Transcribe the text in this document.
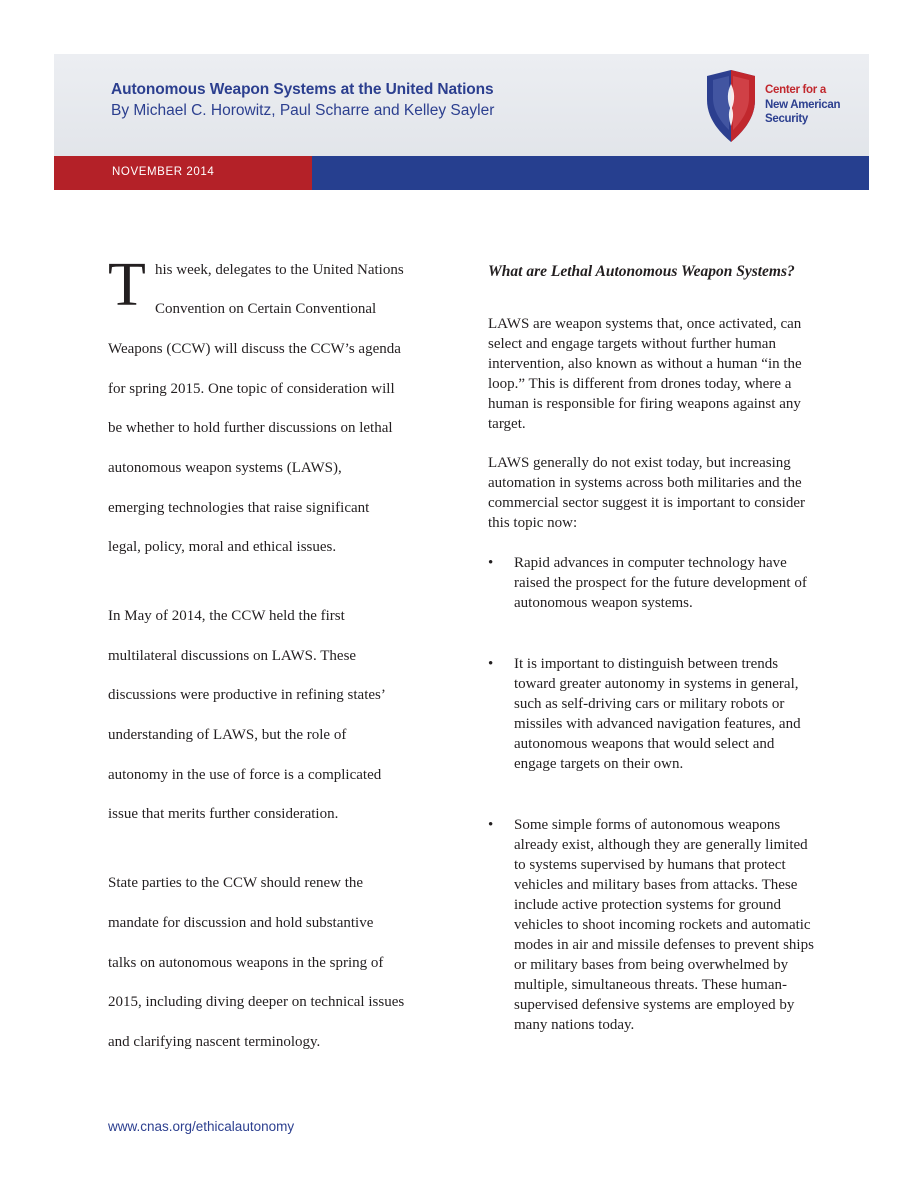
Autonomous Weapon Systems at the United Nations
By Michael C. Horowitz, Paul Scharre and Kelley Sayler
Center for a
New American
Security
NOVEMBER 2014
T his week, delegates to the United Nations
Convention on Certain Conventional
Weapons (CCW) will discuss the CCW’s agenda
for spring 2015. One topic of consideration will
be whether to hold further discussions on lethal
autonomous weapon systems (LAWS),
emerging technologies that raise significant
legal, policy, moral and ethical issues.
In May of 2014, the CCW held the first
multilateral discussions on LAWS. These
discussions were productive in refining states’
understanding of LAWS, but the role of
autonomy in the use of force is a complicated
issue that merits further consideration.
State parties to the CCW should renew the
mandate for discussion and hold substantive
talks on autonomous weapons in the spring of
2015, including diving deeper on technical issues
and clarifying nascent terminology.
What are Lethal Autonomous Weapon Systems?
LAWS are weapon systems that, once activated, can select and engage targets without further human intervention, also known as without a human “in the loop.” This is different from drones today, where a human is responsible for firing weapons against any target.
LAWS generally do not exist today, but increasing automation in systems across both militaries and the commercial sector suggest it is important to consider this topic now:
• Rapid advances in computer technology have raised the prospect for the future development of autonomous weapon systems.
• It is important to distinguish between trends toward greater autonomy in systems in general, such as self-driving cars or military robots or missiles with advanced navigation features, and autonomous weapons that would select and engage targets on their own.
• Some simple forms of autonomous weapons already exist, although they are generally limited to systems supervised by humans that protect vehicles and military bases from attacks. These include active protection systems for ground vehicles to shoot incoming rockets and automatic modes in air and missile defenses to prevent ships or military bases from being overwhelmed by multiple, simultaneous threats. These human-supervised defensive systems are employed by many nations today.
www.cnas.org/ethicalautonomy
